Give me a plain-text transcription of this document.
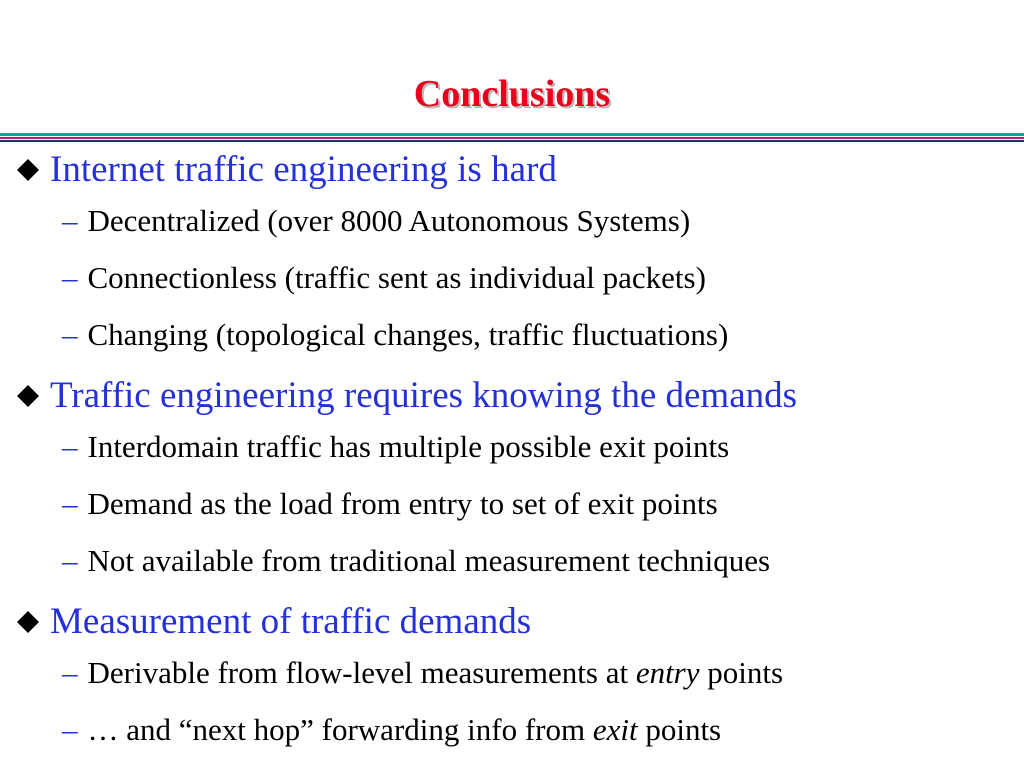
Conclusions
Internet traffic engineering is hard
– Decentralized (over 8000 Autonomous Systems)
– Connectionless (traffic sent as individual packets)
– Changing (topological changes, traffic fluctuations)
Traffic engineering requires knowing the demands
– Interdomain traffic has multiple possible exit points
– Demand as the load from entry to set of exit points
– Not available from traditional measurement techniques
Measurement of traffic demands
– Derivable from flow-level measurements at entry points
– … and “next hop” forwarding info from exit points
